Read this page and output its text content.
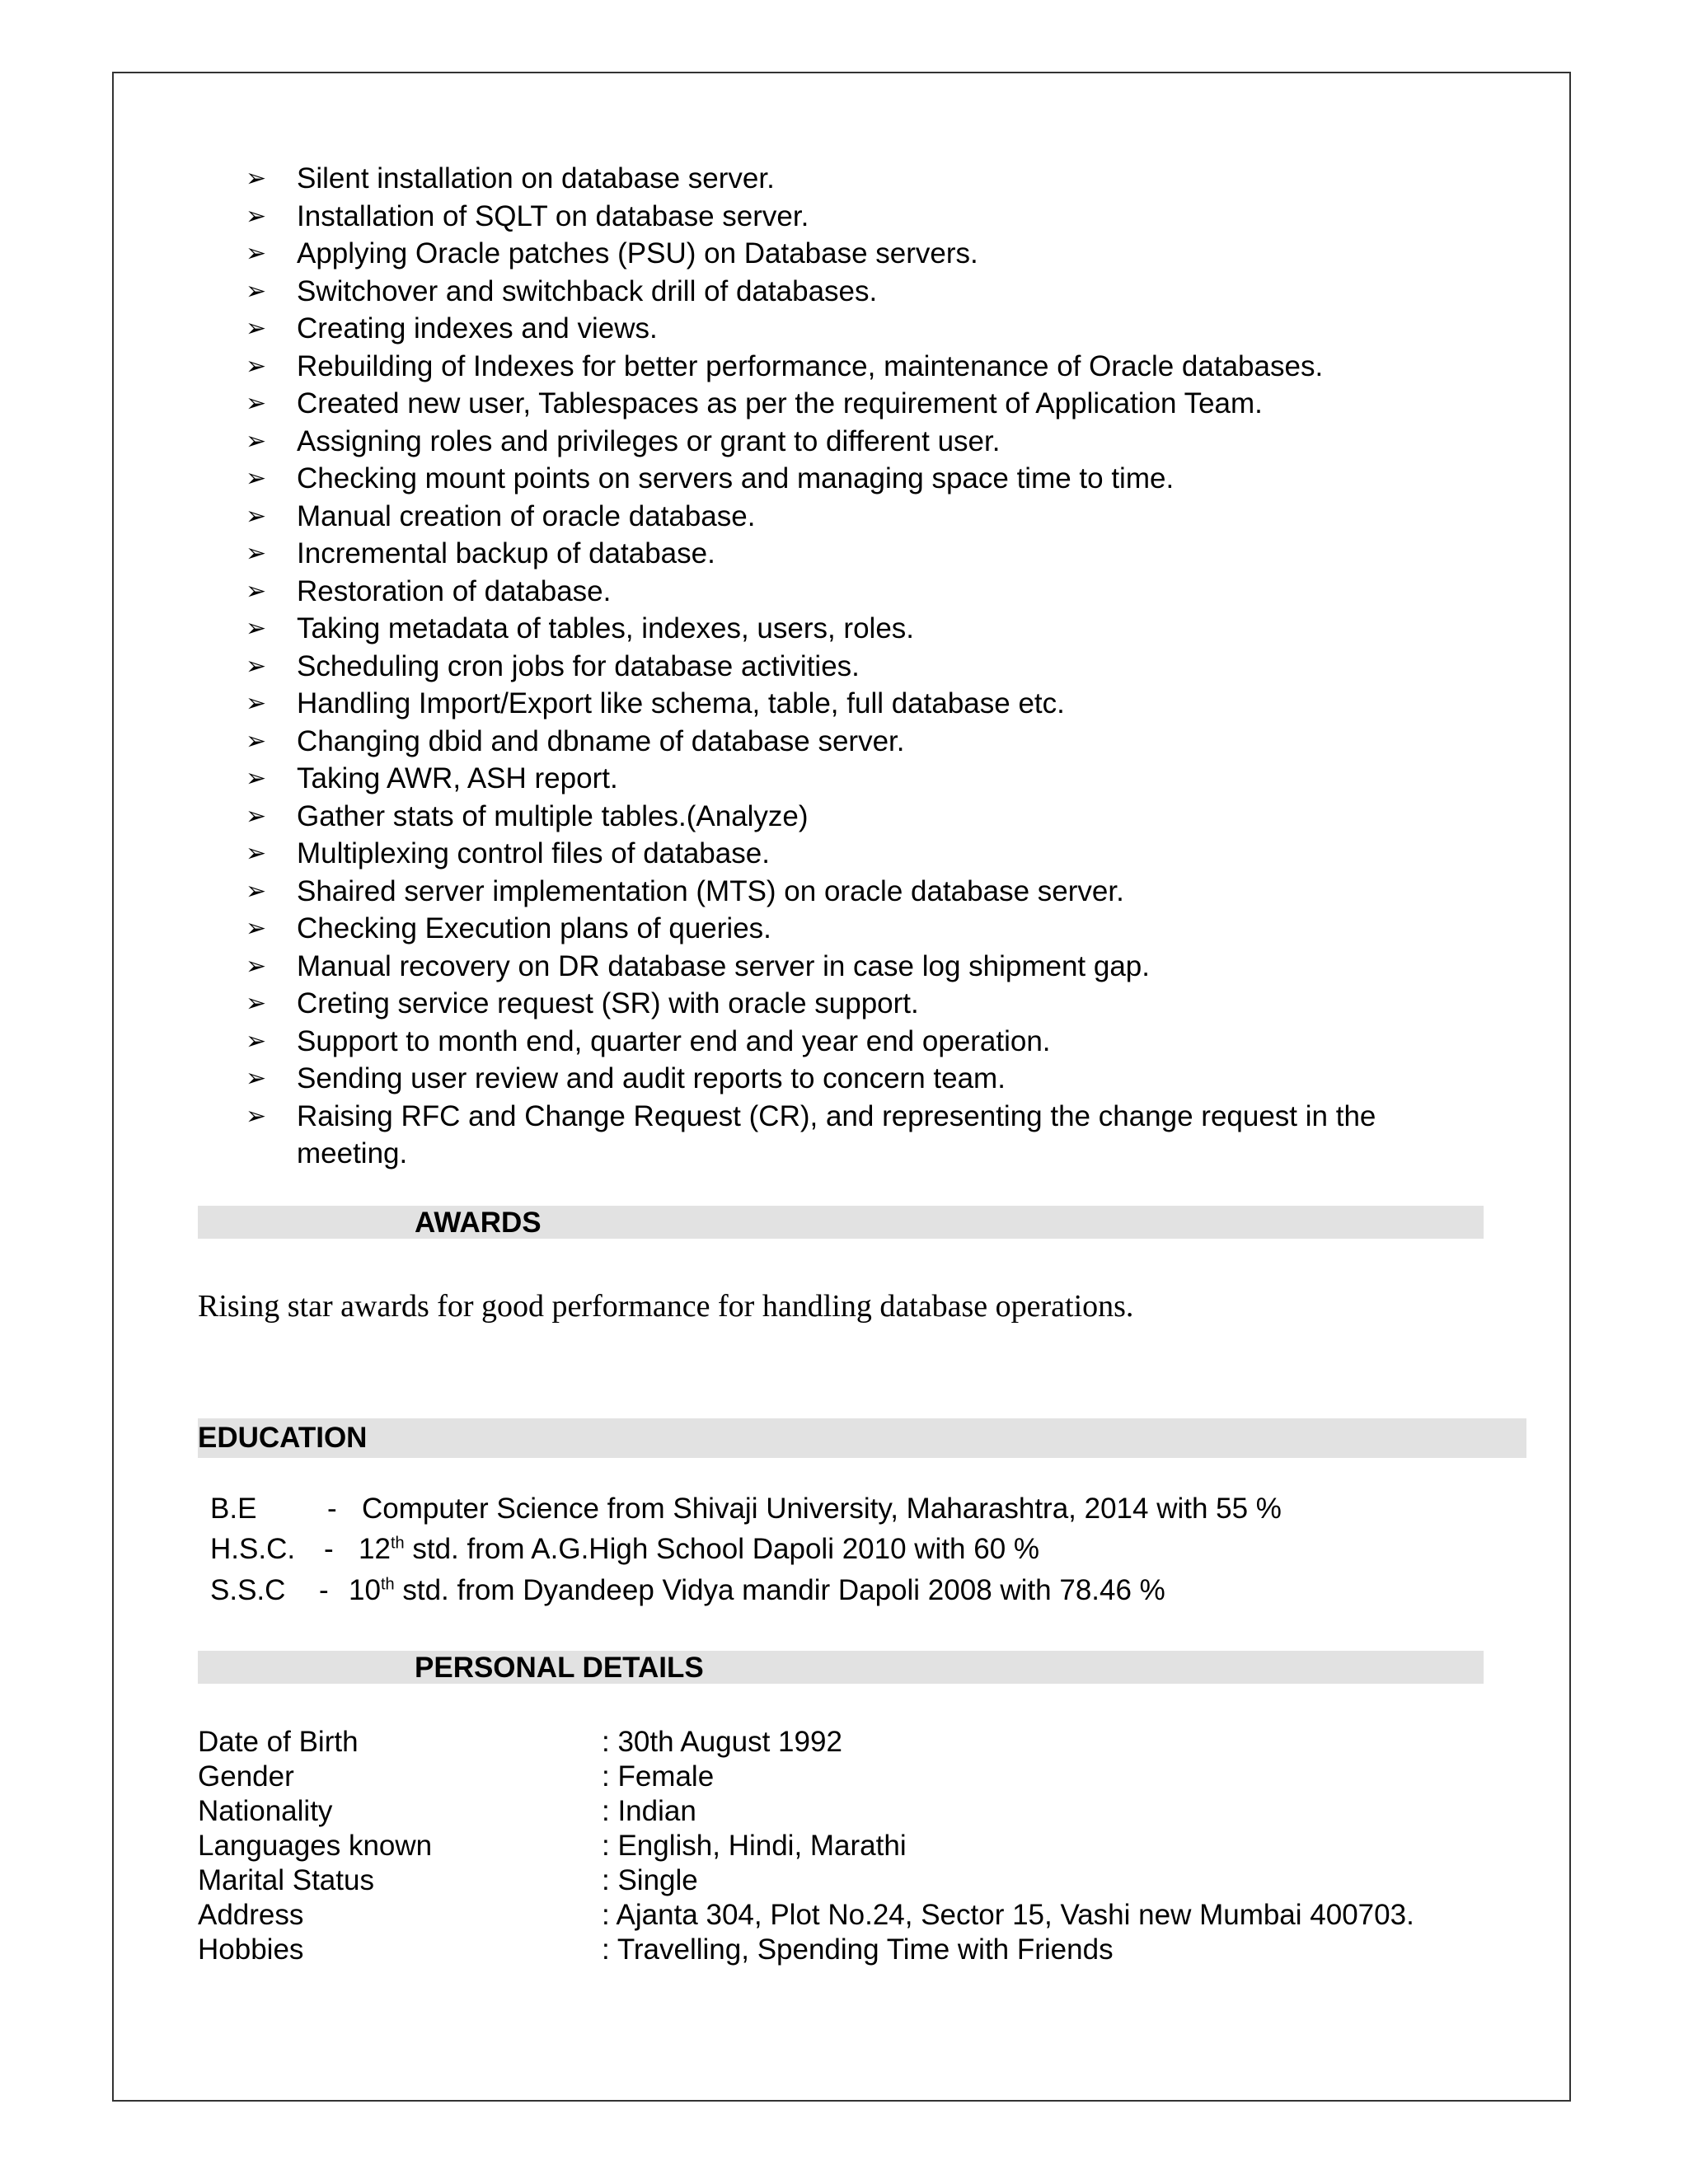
➢ Silent installation on database server.
➢ Installation of SQLT on database server.
➢ Applying Oracle patches (PSU) on Database servers.
➢ Switchover and switchback drill of databases.
➢ Creating indexes and views.
➢ Rebuilding of Indexes for better performance, maintenance of Oracle databases.
➢ Created new user, Tablespaces as per the requirement of Application Team.
➢ Assigning roles and privileges or grant to different user.
➢ Checking mount points on servers and managing space time to time.
➢ Manual creation of oracle database.
➢ Incremental backup of database.
➢ Restoration of database.
➢ Taking metadata of tables, indexes, users, roles.
➢ Scheduling cron jobs for database activities.
➢ Handling Import/Export like schema, table, full database etc.
➢ Changing dbid and dbname of database server.
➢ Taking AWR, ASH report.
➢ Gather stats of multiple tables.(Analyze)
➢ Multiplexing control files of database.
➢ Shaired server implementation (MTS) on oracle database server.
➢ Checking Execution plans of queries.
➢ Manual recovery on DR database server in case log shipment gap.
➢ Creting service request (SR) with oracle support.
➢ Support to month end, quarter end and year end operation.
➢ Sending user review and audit reports to concern team.
➢ Raising RFC and Change Request (CR), and representing the change request in the meeting.
AWARDS
Rising star awards for good performance for handling database operations.
EDUCATION
B.E - Computer Science from Shivaji University, Maharashtra, 2014 with 55 %
H.S.C. - 12th std. from A.G.High School Dapoli 2010 with 60 %
S.S.C - 10th std. from Dyandeep Vidya mandir Dapoli 2008 with 78.46 %
PERSONAL DETAILS
Date of Birth	: 30th August 1992
Gender	: Female
Nationality	: Indian
Languages known	: English, Hindi, Marathi
Marital Status	: Single
Address	: Ajanta 304, Plot No.24, Sector 15, Vashi new Mumbai 400703.
Hobbies	: Travelling, Spending Time with Friends
